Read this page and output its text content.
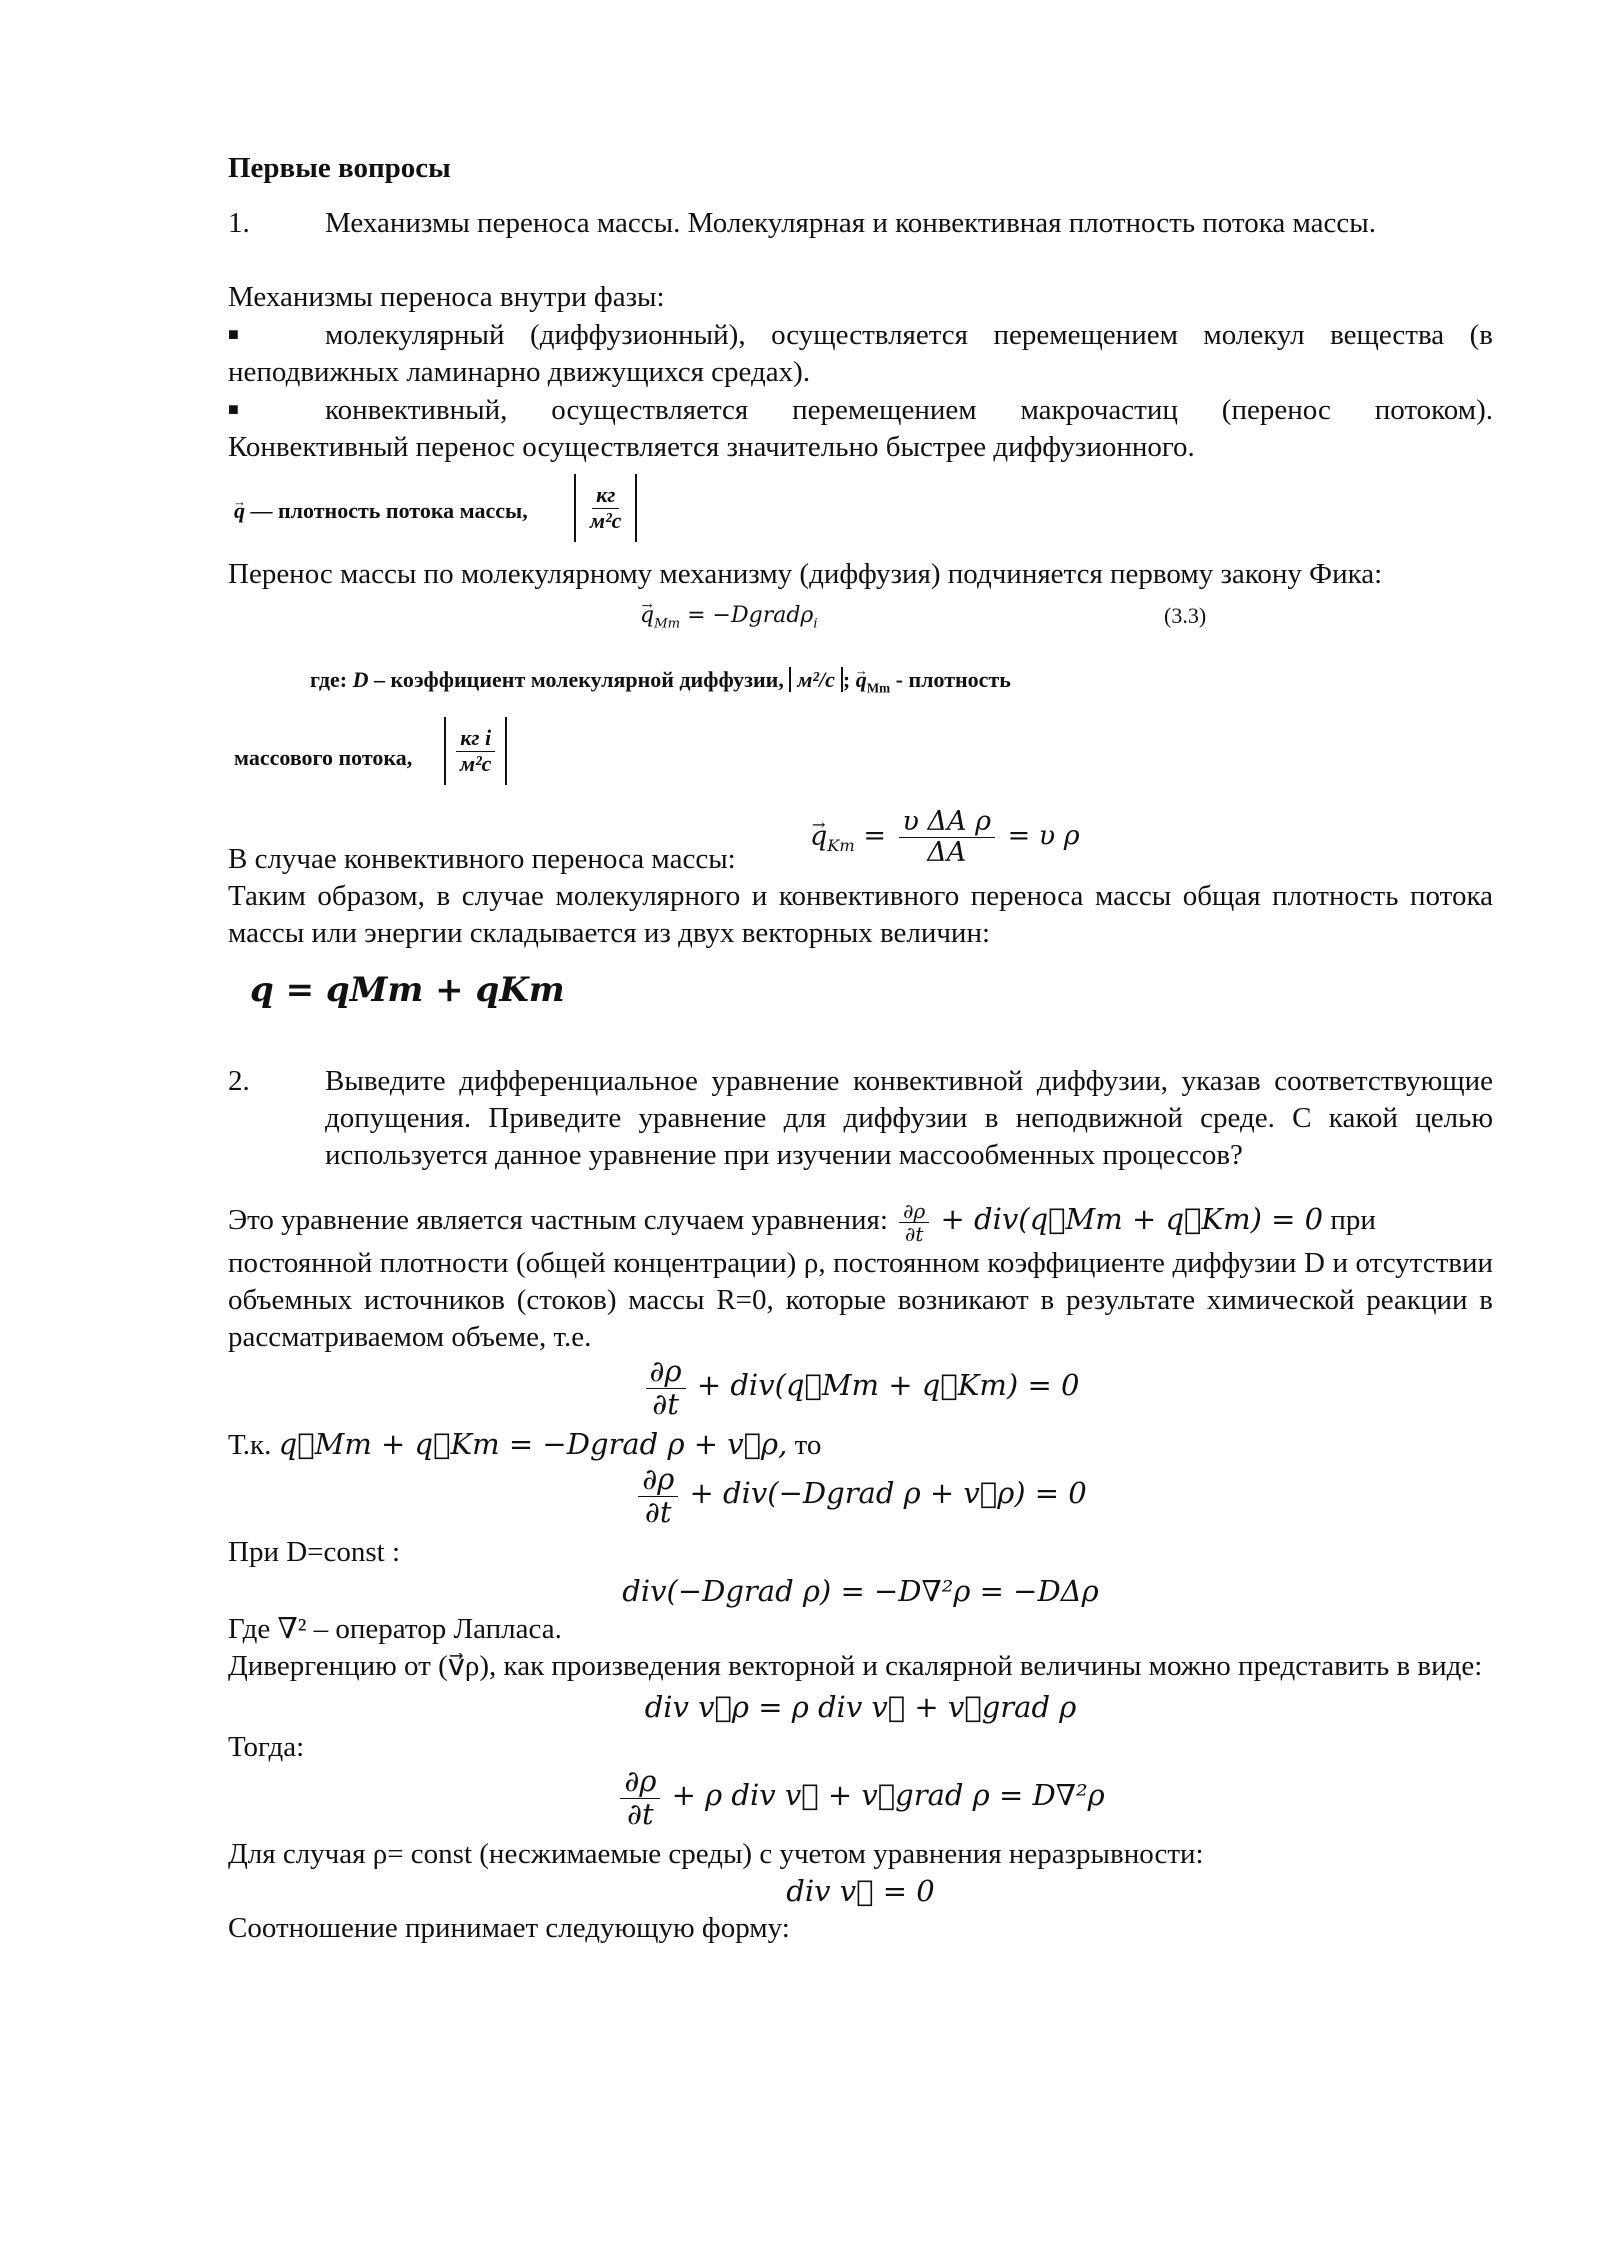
Первые вопросы
1.	Механизмы переноса массы. Молекулярная и конвективная плотность потока массы.

Механизмы переноса внутри фазы:

■	молекулярный (диффузионный), осуществляется перемещением молекул вещества (в неподвижных ламинарно движущихся средах).

■	конвективный, осуществляется перемещением макрочастиц (перенос потоком). Конвективный перенос осуществляется значительно быстрее диффузионного.

→ q — плотность потока массы,	$\frac{кг}{\text{м²с}}$

Перенос массы по молекулярному механизму (диффузия) подчиняется первому закону Фика:

→ $q_{Mm}$ = −Dgradρ$_i$	(3.3)
где: D – коэффициент молекулярной диффузии, м²/с ; → $q_{Mm}$ - плотность
массового потока, $\frac{\text{кг і}}{\text{м²с}}$
→ $q_{Km} = \frac{\text{υ ΔA ρ}}{\Delta A} = \upsilon$ ρ

В случае конвективного переноса массы:

Таким образом, в случае молекулярного и конвективного переноса массы общая плотность потока массы или энергии складывается из двух векторных величин:

q = qMm + qKm
2.	Выведите дифференциальное уравнение конвективной диффузии, указав соответствующие допущения. Приведите уравнение для диффузии в неподвижной среде. С какой целью используется данное уравнение при изучении массообменных процессов?

Это уравнение является частным случаем уравнения: $\frac{\partial\rho}{\partial t}$ + div(q⃗Mm + q⃗Km) = 0 при

постоянной плотности (общей концентрации) ρ, постоянном коэффициенте диффузии D и отсутствии объемных источников (стоков) массы R=0, которые возникают в результате химической реакции в рассматриваемом объеме, т.е.

$\frac{\partial\rho}{\partial t}$ + div(q⃗Mm + q⃗Km) = 0

Т.к. q⃗Mm + q⃗Km = −Dgrad ρ + v⃗ρ, то

$\frac{\partial\rho}{\partial t}$ + div(−Dgrad ρ + v⃗ρ) = 0

При D=const :

div(−Dgrad ρ) = −D∇²ρ = −DΔρ

Где ∇² – оператор Лапласа.

Дивергенцию от (v⃗ρ), как произведения векторной и скалярной величины можно представить в виде:

div v⃗ρ = ρ div v⃗ + v⃗grad ρ

Тогда:

$\frac{\partial\rho}{\partial t} + \rho$ div v⃗ + v⃗grad ρ = D∇²ρ

Для случая ρ= const (несжимаемые среды) с учетом уравнения неразрывности:

div v⃗ = 0

Соотношение принимает следующую форму:
